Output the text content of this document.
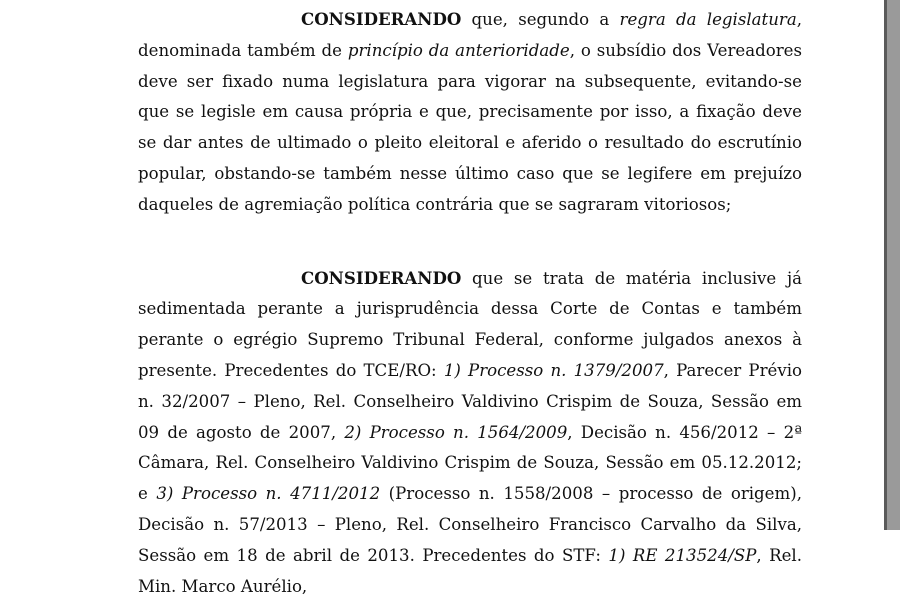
CONSIDERANDO que, segundo a regra da legislatura, denominada também de princípio da anterioridade, o subsídio dos Vereadores deve ser fixado numa legislatura para vigorar na subsequente, evitando-se que se legisle em causa própria e que, precisamente por isso, a fixação deve se dar antes de ultimado o pleito eleitoral e aferido o resultado do escrutínio popular, obstando-se também nesse último caso que se legifere em prejuízo daqueles de agremiação política contrária que se sagraram vitoriosos;

CONSIDERANDO que se trata de matéria inclusive já sedimentada perante a jurisprudência dessa Corte de Contas e também perante o egrégio Supremo Tribunal Federal, conforme julgados anexos à presente. Precedentes do TCE/RO: 1) Processo n. 1379/2007, Parecer Prévio n. 32/2007 – Pleno, Rel. Conselheiro Valdivino Crispim de Souza, Sessão em 09 de agosto de 2007, 2) Processo n. 1564/2009, Decisão n. 456/2012 – 2ª Câmara, Rel. Conselheiro Valdivino Crispim de Souza, Sessão em 05.12.2012; e 3) Processo n. 4711/2012 (Processo n. 1558/2008 – processo de origem), Decisão n. 57/2013 – Pleno, Rel. Conselheiro Francisco Carvalho da Silva, Sessão em 18 de abril de 2013. Precedentes do STF: 1) RE 213524/SP, Rel. Min. Marco Aurélio,
